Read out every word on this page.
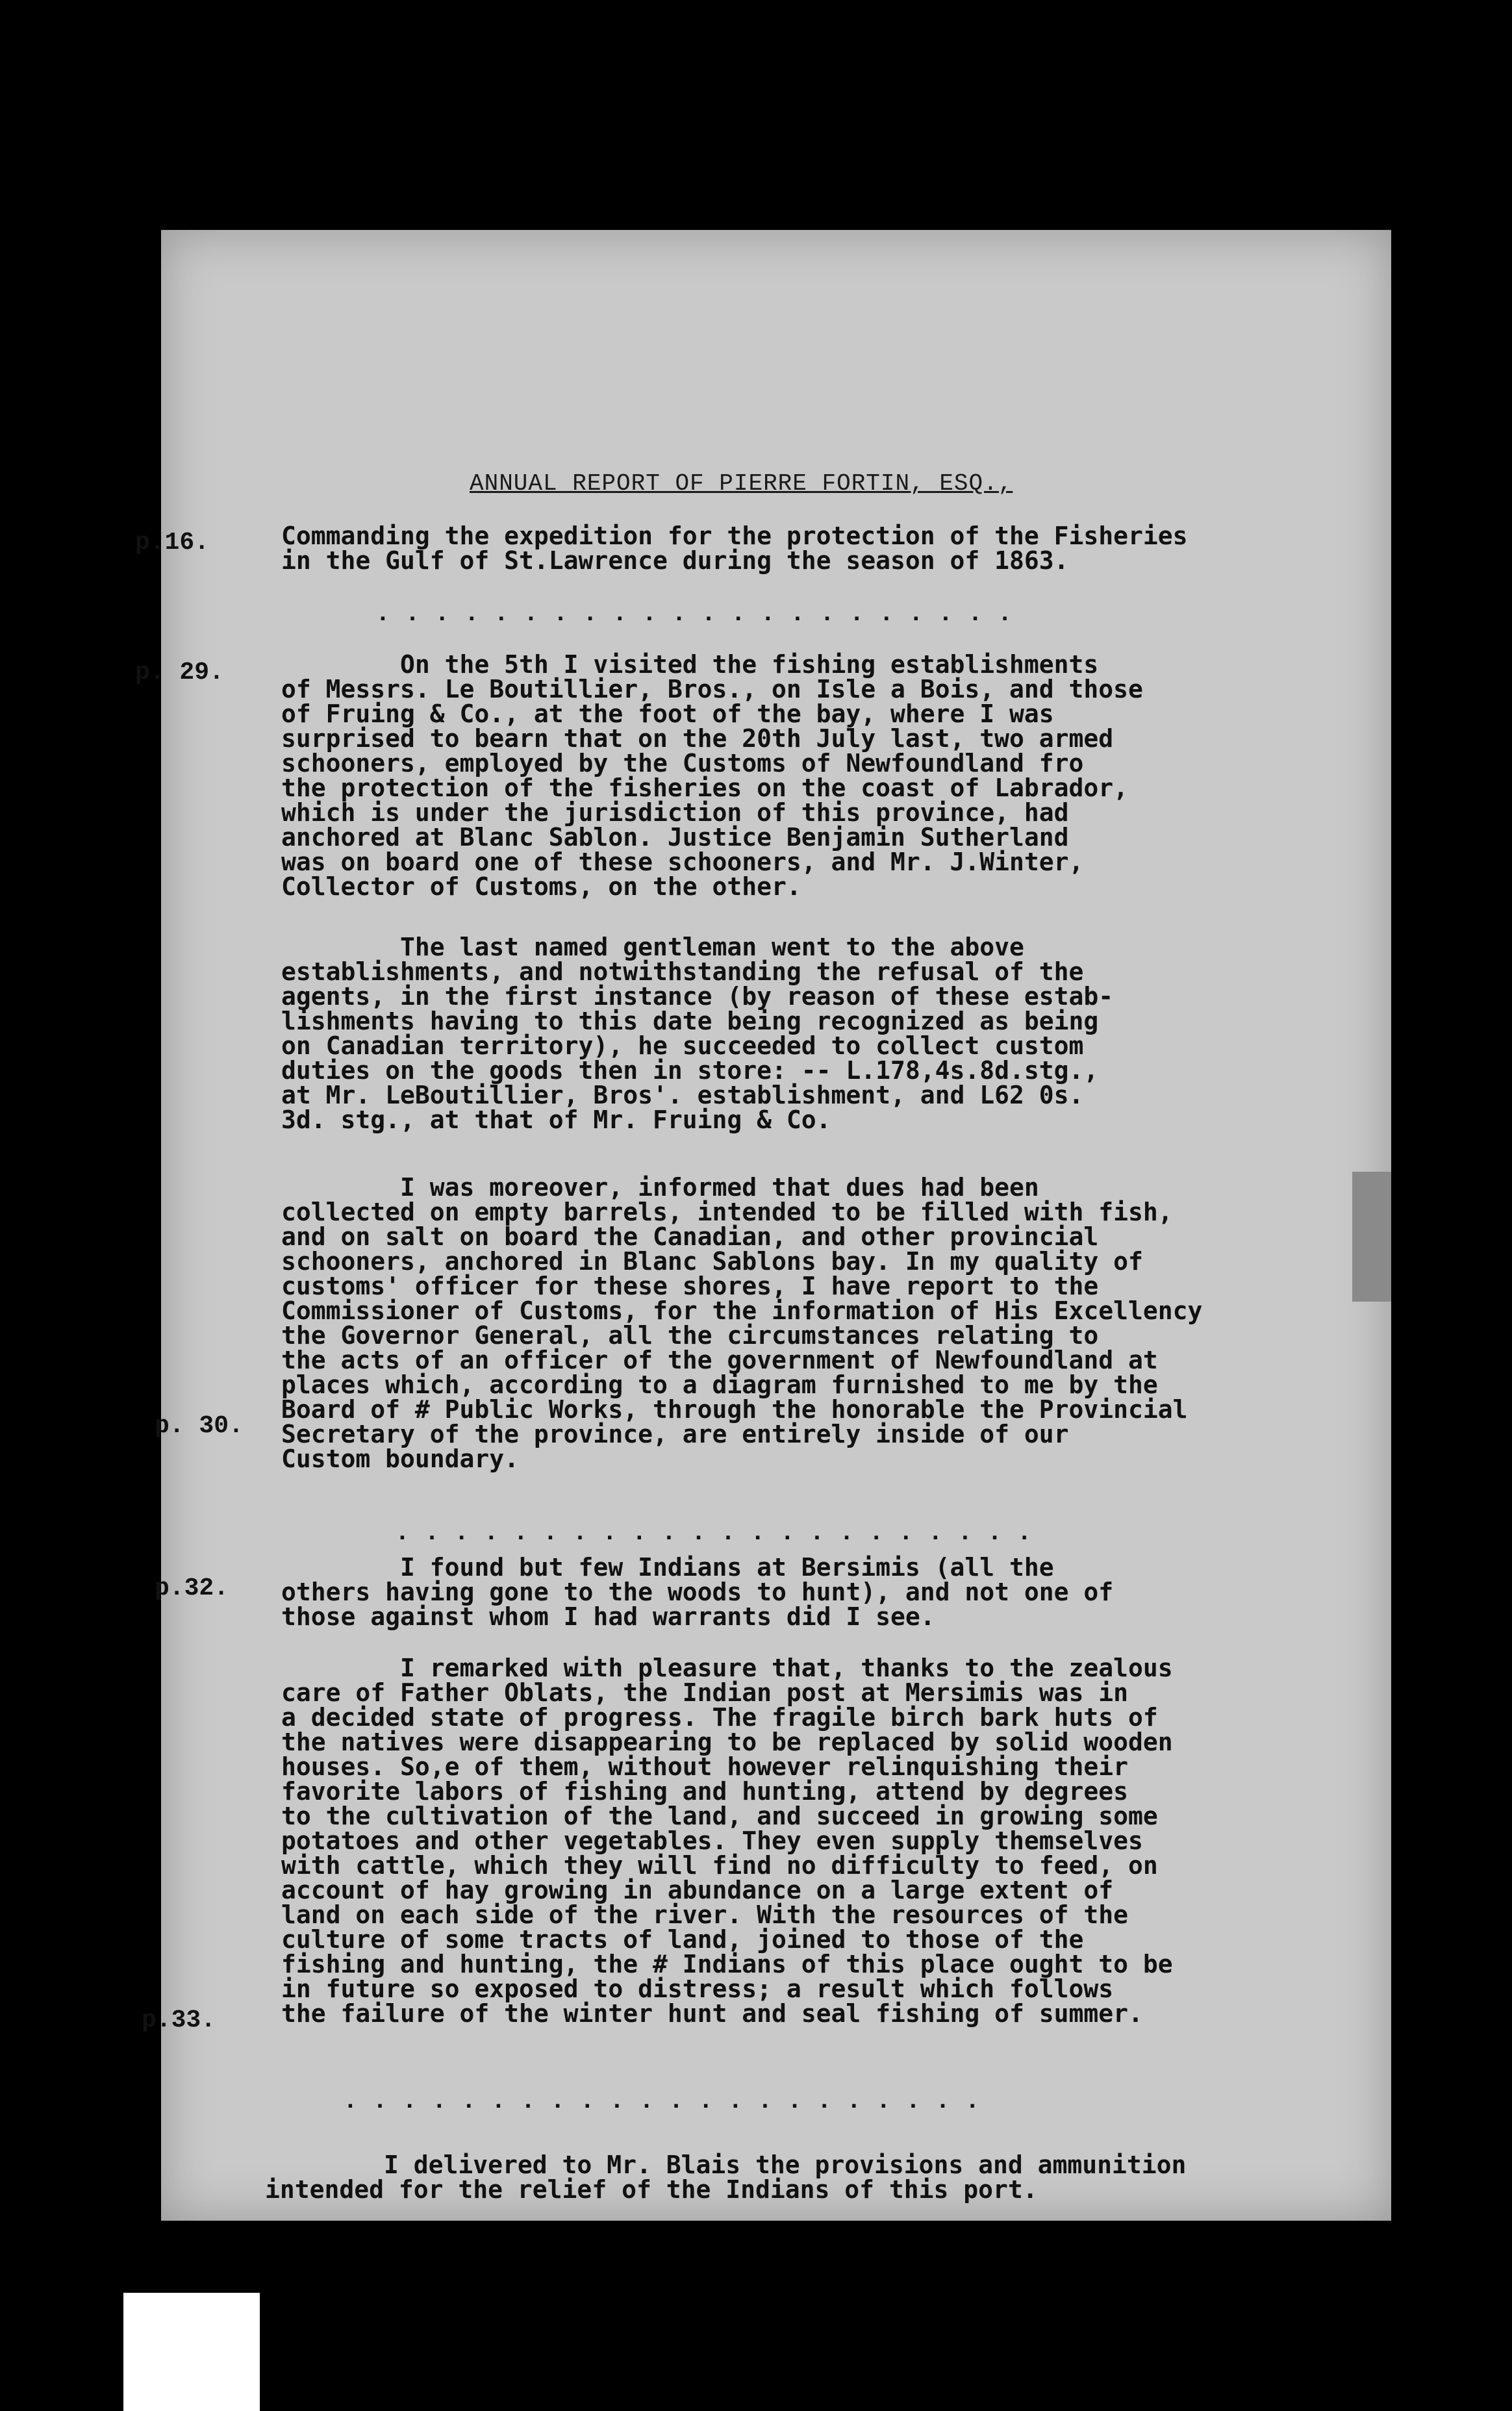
ANNUAL REPORT OF PIERRE FORTIN, ESQ.,
p.16.	Commanding the expedition for the protection of the Fisheries
in the Gulf of St.Lawrence during the season of 1863.
. . . . . . . . . . . . . . . . . . . . . .
p. 29.	On the 5th I visited the fishing establishments
of Messrs. Le Boutillier, Bros., on Isle a Bois, and those
of Fruing & Co., at the foot of the bay, where I was
surprised to bearn that on the 20th July last, two armed
schooners, employed by the Customs of Newfoundland fro
the protection of the fisheries on the coast of Labrador,
which is under the jurisdiction of this province, had
anchored at Blanc Sablon. Justice Benjamin Sutherland
was on board one of these schooners, and Mr. J.Winter,
Collector of Customs, on the other.
The last named gentleman went to the above
establishments, and notwithstanding the refusal of the
agents, in the first instance (by reason of these estab-
lishments having to this date being recognized as being
on Canadian territory), he succeeded to collect custom
duties on the goods then in store: -- L.178,4s.8d.stg.,
at Mr. LeBoutillier, Bros'. establishment, and L62 0s.
3d. stg., at that of Mr. Fruing & Co.
I was moreover, informed that dues had been
collected on empty barrels, intended to be filled with fish,
and on salt on board the Canadian, and other provincial
schooners, anchored in Blanc Sablons bay. In my quality of
customs' officer for these shores, I have report to the
Commissioner of Customs, for the information of His Excellency
the Governor General, all the circumstances relating to
the acts of an officer of the government of Newfoundland at
places which, according to a diagram furnished to me by the
Board of # Public Works, through the honorable the Provincial
Secretary of the province, are entirely inside of our
Custom boundary.
p. 30.
. . . . . . . . . . . . . . . . . . . . . .
p.32.
I found but few Indians at Bersimis (all the
others having gone to the woods to hunt), and not one of
those against whom I had warrants did I see.
I remarked with pleasure that, thanks to the zealous
care of Father Oblats, the Indian post at Mersimis was in
a decided state of progress. The fragile birch bark huts of
the natives were disappearing to be replaced by solid wooden
houses. So,e of them, without however relinquishing their
favorite labors of fishing and hunting, attend by degrees
to the cultivation of the land, and succeed in growing some
potatoes and other vegetables. They even supply themselves
with cattle, which they will find no difficulty to feed, on
account of hay growing in abundance on a large extent of
land on each side of the river. With the resources of the
culture of some tracts of land, joined to those of the
fishing and hunting, the # Indians of this place ought to be
in future so exposed to distress; a result which follows
the failure of the winter hunt and seal fishing of summer.
p.33.
. . . . . . . . . . . . . . . . . . . . . .
I delivered to Mr. Blais the provisions and ammunition
intended for the relief of the Indians of this port.
